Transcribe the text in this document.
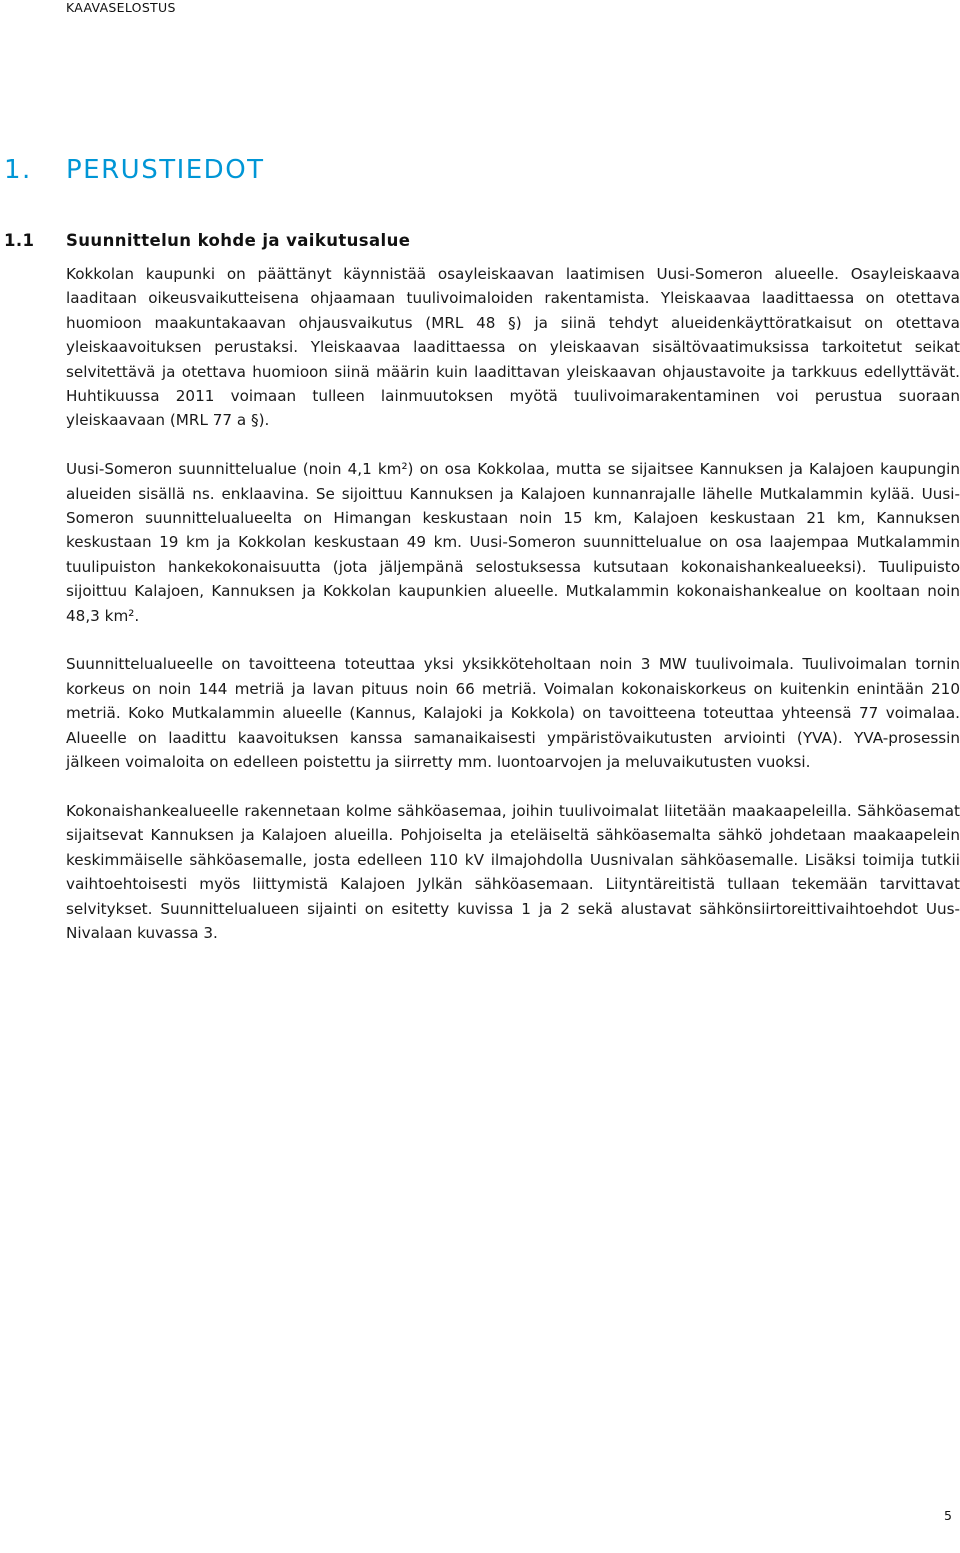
KAAVASELOSTUS
1. PERUSTIEDOT
1.1 Suunnittelun kohde ja vaikutusalue

Kokkolan kaupunki on päättänyt käynnistää osayleiskaavan laatimisen Uusi-Someron alueelle. Osayleiskaava laaditaan oikeusvaikutteisena ohjaamaan tuulivoimaloiden rakentamista. Yleiskaavaa laadittaessa on otettava huomioon maakuntakaavan ohjausvaikutus (MRL 48 §) ja siinä tehdyt alueidenkäyttöratkaisut on otettava yleiskaavoituksen perustaksi. Yleiskaavaa laadittaessa on yleiskaavan sisältövaatimuksissa tarkoitetut seikat selvitettävä ja otettava huomioon siinä määrin kuin laadittavan yleiskaavan ohjaustavoite ja tarkkuus edellyttävät. Huhtikuussa 2011 voimaan tulleen lainmuutoksen myötä tuulivoimarakentaminen voi perustua suoraan yleiskaavaan (MRL 77 a §).

Uusi-Someron suunnittelualue (noin 4,1 km²) on osa Kokkolaa, mutta se sijaitsee Kannuksen ja Kalajoen kaupungin alueiden sisällä ns. enklaavina. Se sijoittuu Kannuksen ja Kalajoen kunnanrajalle lähelle Mutkalammin kylää. Uusi-Someron suunnittelualueelta on Himangan keskustaan noin 15 km, Kalajoen keskustaan 21 km, Kannuksen keskustaan 19 km ja Kokkolan keskustaan 49 km. Uusi-Someron suunnittelualue on osa laajempaa Mutkalammin tuulipuiston hankekokonaisuutta (jota jäljempänä selostuksessa kutsutaan kokonaishankealueeksi). Tuulipuisto sijoittuu Kalajoen, Kannuksen ja Kokkolan kaupunkien alueelle. Mutkalammin kokonaishankealue on kooltaan noin 48,3 km².

Suunnittelualueelle on tavoitteena toteuttaa yksi yksikköteholtaan noin 3 MW tuulivoimala. Tuulivoimalan tornin korkeus on noin 144 metriä ja lavan pituus noin 66 metriä. Voimalan kokonaiskorkeus on kuitenkin enintään 210 metriä. Koko Mutkalammin alueelle (Kannus, Kalajoki ja Kokkola) on tavoitteena toteuttaa yhteensä 77 voimalaa. Alueelle on laadittu kaavoituksen kanssa samanaikaisesti ympäristövaikutusten arviointi (YVA). YVA-prosessin jälkeen voimaloita on edelleen poistettu ja siirretty mm. luontoarvojen ja meluvaikutusten vuoksi.

Kokonaishankealueelle rakennetaan kolme sähköasemaa, joihin tuulivoimalat liitetään maakaapeleilla. Sähköasemat sijaitsevat Kannuksen ja Kalajoen alueilla. Pohjoiselta ja eteläiseltä sähköasemalta sähkö johdetaan maakaapelein keskimmäiselle sähköasemalle, josta edelleen 110 kV ilmajohdolla Uusnivalan sähköasemalle. Lisäksi toimija tutkii vaihtoehtoisesti myös liittymistä Kalajoen Jylkän sähköasemaan. Liityntäreitistä tullaan tekemään tarvittavat selvitykset. Suunnittelualueen sijainti on esitetty kuvissa 1 ja 2 sekä alustavat sähkönsiirtoreittivaihtoehdot Uus-Nivalaan kuvassa 3.

5
